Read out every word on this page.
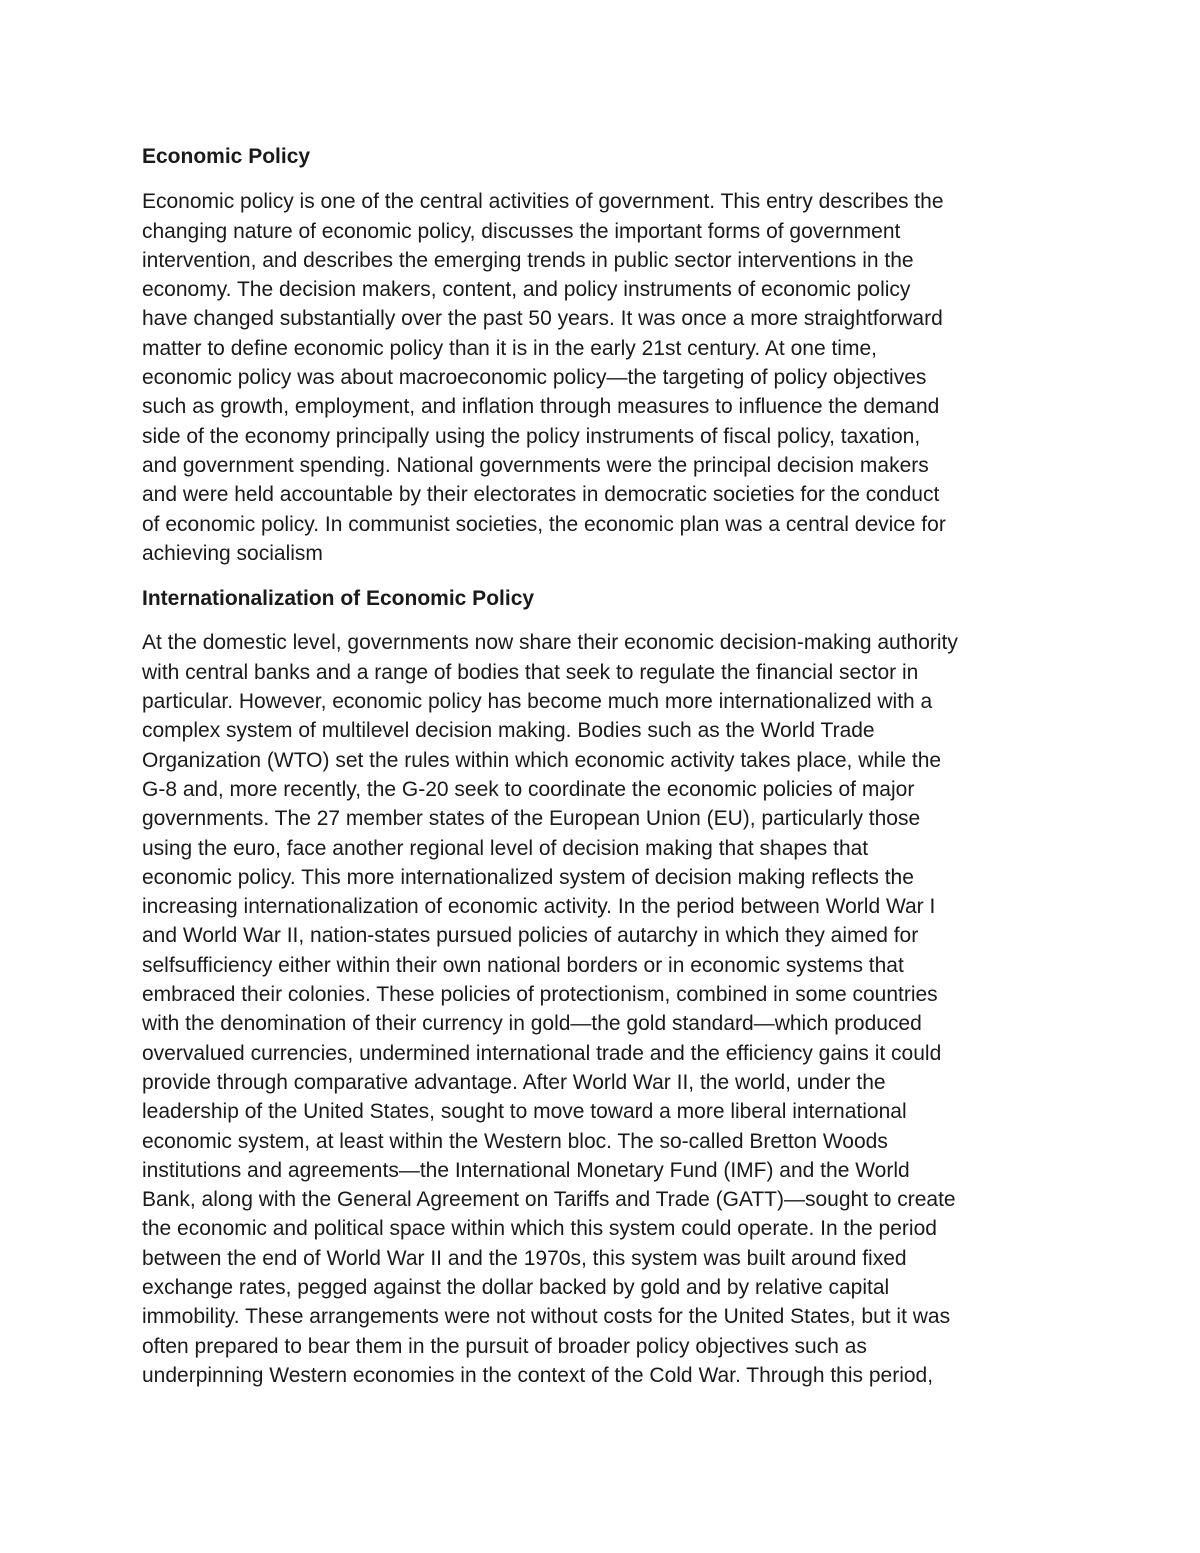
Economic Policy

Economic policy is one of the central activities of government. This entry describes the
changing nature of economic policy, discusses the important forms of government
intervention, and describes the emerging trends in public sector interventions in the
economy. The decision makers, content, and policy instruments of economic policy
have changed substantially over the past 50 years. It was once a more straightforward
matter to define economic policy than it is in the early 21st century. At one time,
economic policy was about macroeconomic policy—the targeting of policy objectives
such as growth, employment, and inflation through measures to influence the demand
side of the economy principally using the policy instruments of fiscal policy, taxation,
and government spending. National governments were the principal decision makers
and were held accountable by their electorates in democratic societies for the conduct
of economic policy. In communist societies, the economic plan was a central device for
achieving socialism

Internationalization of Economic Policy

At the domestic level, governments now share their economic decision-making authority
with central banks and a range of bodies that seek to regulate the financial sector in
particular. However, economic policy has become much more internationalized with a
complex system of multilevel decision making. Bodies such as the World Trade
Organization (WTO) set the rules within which economic activity takes place, while the
G-8 and, more recently, the G-20 seek to coordinate the economic policies of major
governments. The 27 member states of the European Union (EU), particularly those
using the euro, face another regional level of decision making that shapes that
economic policy. This more internationalized system of decision making reflects the
increasing internationalization of economic activity. In the period between World War I
and World War II, nation-states pursued policies of autarchy in which they aimed for
selfsufficiency either within their own national borders or in economic systems that
embraced their colonies. These policies of protectionism, combined in some countries
with the denomination of their currency in gold—the gold standard—which produced
overvalued currencies, undermined international trade and the efficiency gains it could
provide through comparative advantage. After World War II, the world, under the
leadership of the United States, sought to move toward a more liberal international
economic system, at least within the Western bloc. The so-called Bretton Woods
institutions and agreements—the International Monetary Fund (IMF) and the World
Bank, along with the General Agreement on Tariffs and Trade (GATT)—sought to create
the economic and political space within which this system could operate. In the period
between the end of World War II and the 1970s, this system was built around fixed
exchange rates, pegged against the dollar backed by gold and by relative capital
immobility. These arrangements were not without costs for the United States, but it was
often prepared to bear them in the pursuit of broader policy objectives such as
underpinning Western economies in the context of the Cold War. Through this period,
